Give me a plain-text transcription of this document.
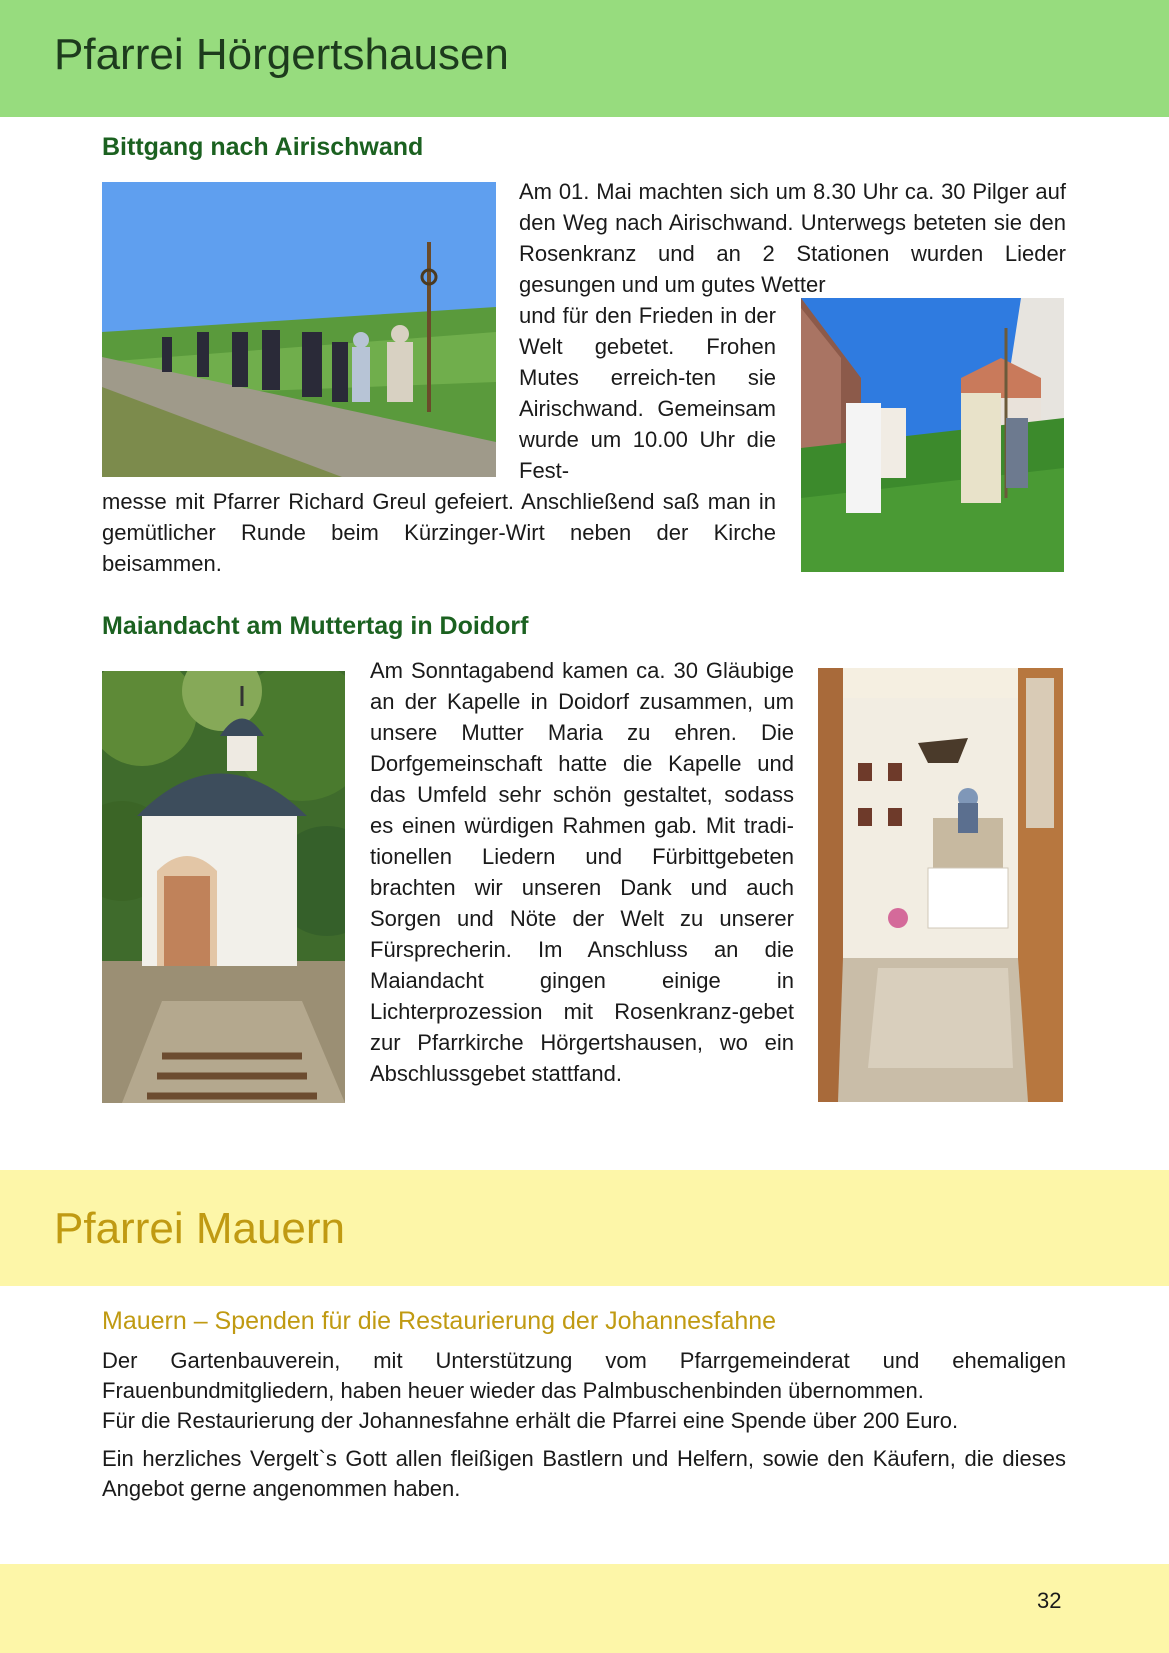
Pfarrei Hörgertshausen
Bittgang nach Airischwand

Am 01. Mai machten sich um 8.30 Uhr ca. 30 Pilger auf den Weg nach Airischwand. Unterwegs beteten sie den Rosenkranz und an 2 Stationen wurden Lieder gesungen und um gutes Wetter

und für den Frieden in der Welt gebetet. Frohen Mutes erreich-ten sie Airischwand. Gemeinsam wurde um 10.00 Uhr die Fest-

messe mit Pfarrer Richard Greul gefeiert. Anschließend saß man in gemütlicher Runde beim Kürzinger-Wirt neben der Kirche beisammen.

Maiandacht am Muttertag in Doidorf

Am Sonntagabend kamen ca. 30 Gläubige an der Kapelle in Doidorf zusammen, um unsere Mutter Maria zu ehren. Die Dorfgemeinschaft hatte die Kapelle und das Umfeld sehr schön gestaltet, sodass es einen würdigen Rahmen gab. Mit tradi-tionellen Liedern und Fürbittgebeten brachten wir unseren Dank und auch Sorgen und Nöte der Welt zu unserer Fürsprecherin. Im Anschluss an die Maiandacht gingen einige in Lichterprozession mit Rosenkranz-gebet zur Pfarrkirche Hörgertshausen, wo ein Abschlussgebet stattfand.

Pfarrei Mauern
Mauern – Spenden für die Restaurierung der Johannesfahne

Der Gartenbauverein, mit Unterstützung vom Pfarrgemeinderat und ehemaligen Frauenbundmitgliedern, haben heuer wieder das Palmbuschenbinden übernommen.

Für die Restaurierung der Johannesfahne erhält die Pfarrei eine Spende über 200 Euro.

Ein herzliches Vergelt`s Gott allen fleißigen Bastlern und Helfern, sowie den Käufern, die dieses Angebot gerne angenommen haben.

32
